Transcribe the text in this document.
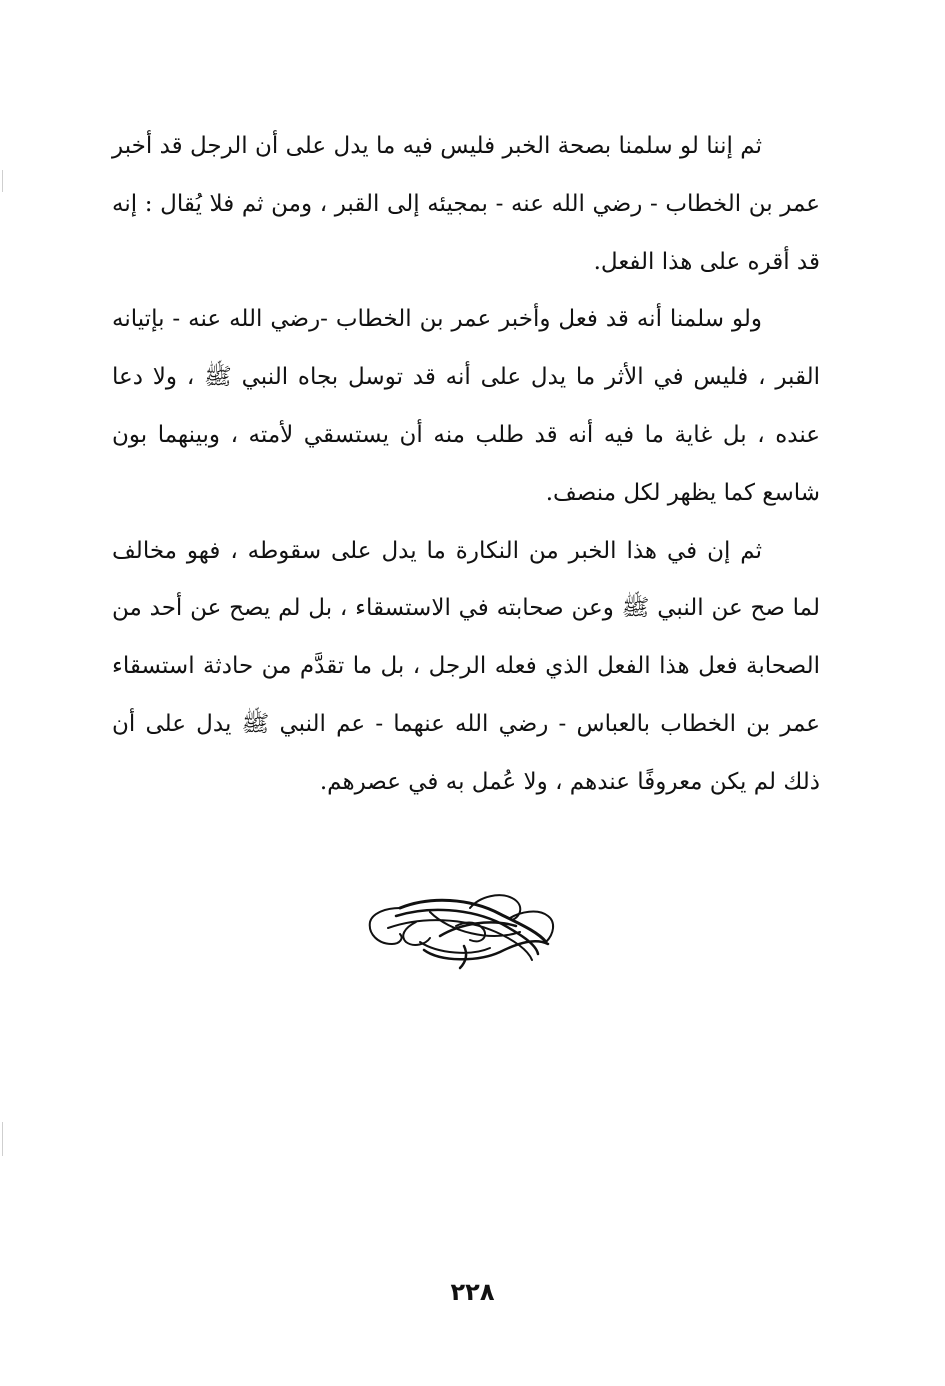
ثم إننا لو سلمنا بصحة الخبر فليس فيه ما يدل على أن الرجل قد أخبر عمر بن الخطاب - رضي الله عنه - بمجيئه إلى القبر ، ومن ثم فلا يُقال : إنه قد أقره على هذا الفعل.

ولو سلمنا أنه قد فعل وأخبر عمر بن الخطاب -رضي الله عنه - بإتيانه القبر ، فليس في الأثر ما يدل على أنه قد توسل بجاه النبي ﷺ ، ولا دعا عنده ، بل غاية ما فيه أنه قد طلب منه أن يستسقي لأمته ، وبينهما بون شاسع كما يظهر لكل منصف.

ثم إن في هذا الخبر من النكارة ما يدل على سقوطه ، فهو مخالف لما صح عن النبي ﷺ وعن صحابته في الاستسقاء ، بل لم يصح عن أحد من الصحابة فعل هذا الفعل الذي فعله الرجل ، بل ما تقدَّم من حادثة استسقاء عمر بن الخطاب بالعباس - رضي الله عنهما - عم النبي ﷺ يدل على أن ذلك لم يكن معروفًا عندهم ، ولا عُمل به في عصرهم.

٢٢٨
